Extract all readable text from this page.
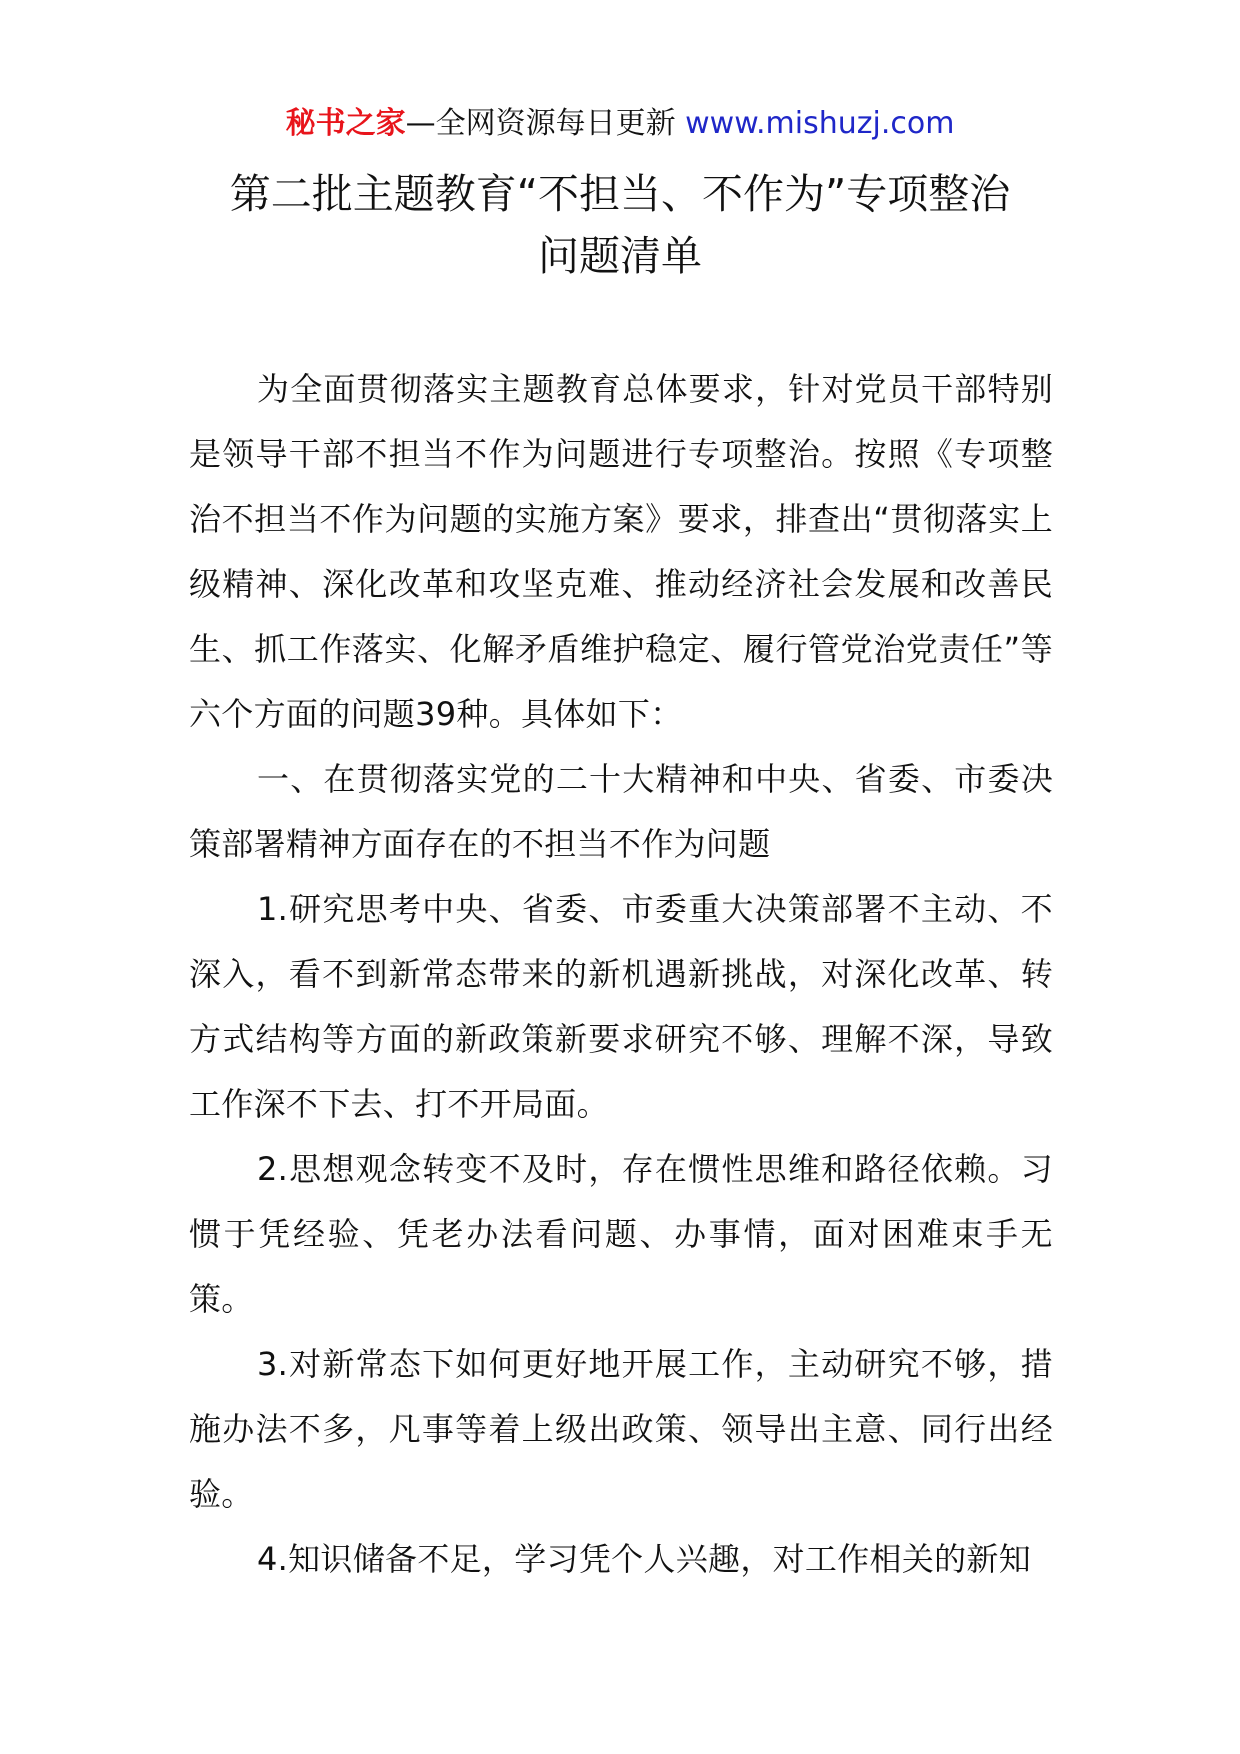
秘书之家—全网资源每日更新 www.mishuzj.com
第二批主题教育“不担当、不作为”专项整治
问题清单

为全面贯彻落实主题教育总体要求，针对党员干部特别是领导干部不担当不作为问题进行专项整治。按照《专项整治不担当不作为问题的实施方案》要求，排查出“贯彻落实上级精神、深化改革和攻坚克难、推动经济社会发展和改善民生、抓工作落实、化解矛盾维护稳定、履行管党治党责任”等六个方面的问题39种。具体如下：

一、在贯彻落实党的二十大精神和中央、省委、市委决策部署精神方面存在的不担当不作为问题

1.研究思考中央、省委、市委重大决策部署不主动、不深入，看不到新常态带来的新机遇新挑战，对深化改革、转方式结构等方面的新政策新要求研究不够、理解不深，导致工作深不下去、打不开局面。

2.思想观念转变不及时，存在惯性思维和路径依赖。习惯于凭经验、凭老办法看问题、办事情，面对困难束手无策。

3.对新常态下如何更好地开展工作，主动研究不够，措施办法不多，凡事等着上级出政策、领导出主意、同行出经验。

4.知识储备不足，学习凭个人兴趣，对工作相关的新知
